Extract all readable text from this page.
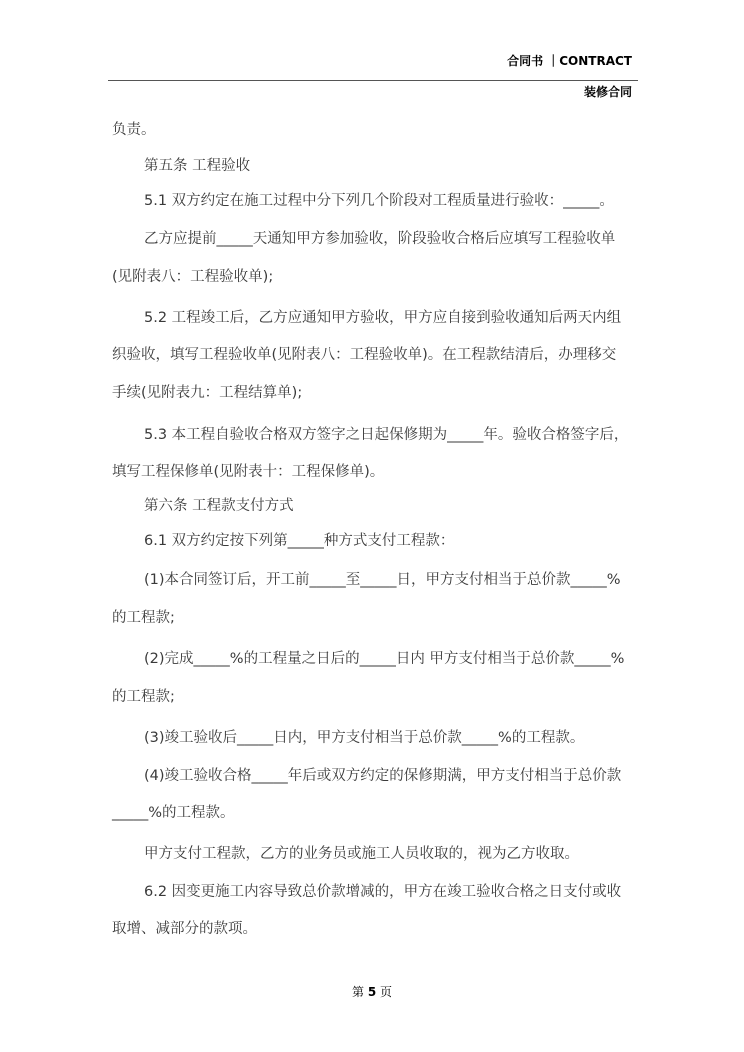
合同书 ｜CONTRACT
装修合同
负责。
第五条 工程验收
5.1 双方约定在施工过程中分下列几个阶段对工程质量进行验收：_____。
乙方应提前_____天通知甲方参加验收，阶段验收合格后应填写工程验收单
(见附表八：工程验收单);
5.2 工程竣工后，乙方应通知甲方验收，甲方应自接到验收通知后两天内组
织验收，填写工程验收单(见附表八：工程验收单)。在工程款结清后，办理移交
手续(见附表九：工程结算单);
5.3 本工程自验收合格双方签字之日起保修期为_____年。验收合格签字后，
填写工程保修单(见附表十：工程保修单)。
第六条 工程款支付方式
6.1 双方约定按下列第_____种方式支付工程款：
(1)本合同签订后，开工前_____至_____日，甲方支付相当于总价款_____%
的工程款;
(2)完成_____%的工程量之日后的_____日内 甲方支付相当于总价款_____%
的工程款;
(3)竣工验收后_____日内，甲方支付相当于总价款_____%的工程款。
(4)竣工验收合格_____年后或双方约定的保修期满，甲方支付相当于总价款
_____%的工程款。
甲方支付工程款，乙方的业务员或施工人员收取的，视为乙方收取。
6.2 因变更施工内容导致总价款增减的，甲方在竣工验收合格之日支付或收
取增、减部分的款项。
第 5 页
